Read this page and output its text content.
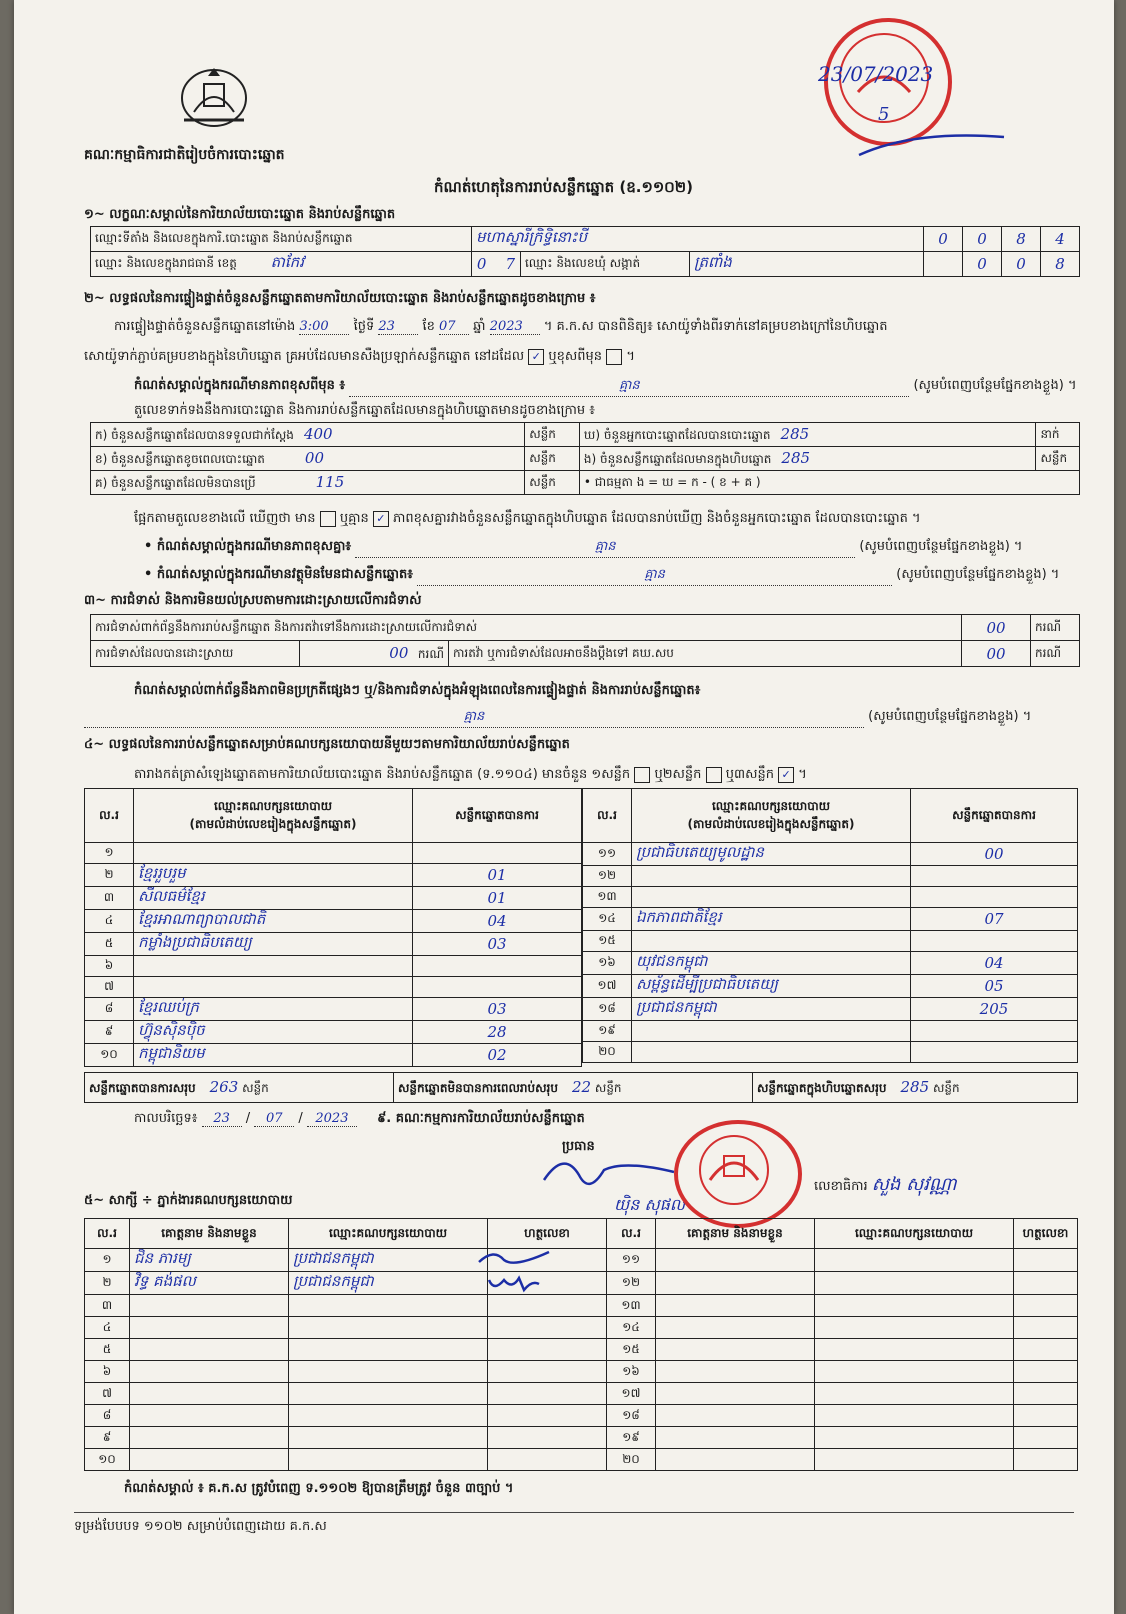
គណៈកម្មាធិការជាតិរៀបចំការបោះឆ្នោត
កំណត់ហេតុនៃការរាប់សន្លឹកឆ្នោត (ឧ.១១០២)
23/07/2023
5
១~ លក្ខណៈសម្គាល់នៃការិយាល័យបោះឆ្នោត និងរាប់សន្លឹកឆ្នោត
ឈ្មោះទីតាំង និងលេខក្នុងការិ.បោះឆ្នោត និងរាប់សន្លឹកឆ្នោត	មហាស្នារីក្រិទ្ធិនោះបី			0	0	8	4
ឈ្មោះ និងលេខក្នុងរាជធានី ខេត្ត តាកែវ	0 7	ឈ្មោះ និងលេខឃុំ សង្កាត់	ត្រពាំង		0	0	8
២~ លទ្ធផលនៃការផ្ទៀងផ្ទាត់ចំនួនសន្លឹកឆ្នោតតាមការិយាល័យបោះឆ្នោត និងរាប់សន្លឹកឆ្នោតដូចខាងក្រោម ៖
ការផ្ទៀងផ្ទាត់ចំនួនសន្លឹកឆ្នោតនៅម៉ោង 3:00 ថ្ងៃទី 23 ខែ 07 ឆ្នាំ 2023 ។ គ.ក.ស បានពិនិត្យ៖ សោយ៉ូទាំងពីរទាក់នៅគម្របខាងក្រៅនៃហិបឆ្នោត
សោយ៉ូទាក់ភ្ជាប់គម្របខាងក្នុងនៃហិបឆ្នោត គ្រអប់ដែលមានសឺងប្រឡាក់សន្លឹកឆ្នោត នៅដដែល ✓ ឬខុសពីមុន ។
កំណត់សម្គាល់ក្នុងករណីមានភាពខុសពីមុន ៖	គ្មាន	(សូមបំពេញបន្ថែមផ្នែកខាងខ្លួង) ។
តួលេខទាក់ទងនឹងការបោះឆ្នោត និងការរាប់សន្លឹកឆ្នោតដែលមានក្នុងហិបឆ្នោតមានដូចខាងក្រោម ៖
ក) ចំនួនសន្លឹកឆ្នោតដែលបានទទួលជាក់ស្តែង 400	សន្លឹក	ឃ) ចំនួនអ្នកបោះឆ្នោតដែលបានបោះឆ្នោត 285	នាក់
ខ) ចំនួនសន្លឹកឆ្នោតខូចពេលបោះឆ្នោត 00	សន្លឹក	ង) ចំនួនសន្លឹកឆ្នោតដែលមានក្នុងហិបឆ្នោត 285	សន្លឹក
គ) ចំនួនសន្លឹកឆ្នោតដែលមិនបានប្រើ 115	សន្លឹក	• ជាធម្មតា ង = ឃ = ក - ( ខ + គ )	
ផ្អែកតាមតួលេខខាងលើ ឃើញថា មាន ឬគ្មាន ✓ ភាពខុសគ្នារវាងចំនួនសន្លឹកឆ្នោតក្នុងហិបឆ្នោត ដែលបានរាប់ឃើញ និងចំនួនអ្នកបោះឆ្នោត ដែលបានបោះឆ្នោត ។
• កំណត់សម្គាល់ក្នុងករណីមានភាពខុសគ្នា៖	គ្មាន	(សូមបំពេញបន្ថែមផ្នែកខាងខ្លួង) ។
• កំណត់សម្គាល់ក្នុងករណីមានវត្ថុមិនមែនជាសន្លឹកឆ្នោត៖	គ្មាន	(សូមបំពេញបន្ថែមផ្នែកខាងខ្លួង) ។
៣~ ការជំទាស់ និងការមិនយល់ស្របតាមការដោះស្រាយលើការជំទាស់
ការជំទាស់ពាក់ព័ន្ធនឹងការរាប់សន្លឹកឆ្នោត និងការតវ៉ាទៅនឹងការដោះស្រាយលើការជំទាស់			00	ករណី
ការជំទាស់ដែលបានដោះស្រាយ	00 ករណី	ការតវ៉ា ឬការជំទាស់ដែលអាចនឹងប្ដឹងទៅ គឃ.សប	00	ករណី
កំណត់សម្គាល់ពាក់ព័ន្ធនឹងភាពមិនប្រក្រតីផ្សេងៗ ឬ/និងការជំទាស់ក្នុងអំឡុងពេលនៃការផ្ទៀងផ្ទាត់ និងការរាប់សន្លឹកឆ្នោត៖
គ្មាន	(សូមបំពេញបន្ថែមផ្នែកខាងខ្លួង) ។
៤~ លទ្ធផលនៃការរាប់សន្លឹកឆ្នោតសម្រាប់គណបក្សនយោបាយនីមួយៗតាមការិយាល័យរាប់សន្លឹកឆ្នោត
តារាងកត់ត្រាសំឡេងឆ្នោតតាមការិយាល័យបោះឆ្នោត និងរាប់សន្លឹកឆ្នោត (ទ.១១០៤) មានចំនួន ១សន្លឹក ឬ២សន្លឹក ឬ៣សន្លឹក ✓ ។
ល.រ	ឈ្មោះគណបក្សនយោបាយ
(តាមលំដាប់លេខរៀងក្នុងសន្លឹកឆ្នោត)	សន្លឹកឆ្នោតបានការ
១		
២	ខ្មែររួបរួម	01
៣	សីលធម៌ខ្មែរ	01
៤	ខ្មែរអាណាព្យាបាលជាតិ	04
៥	កម្លាំងប្រជាធិបតេយ្យ	03
៦		
៧		
៨	ខ្មែរឈប់ក្រ	03
៩	ហ៊្វុនស៊ិនប៉ិច	28
១០	កម្ពុជានិយម	02
ល.រ	ឈ្មោះគណបក្សនយោបាយ
(តាមលំដាប់លេខរៀងក្នុងសន្លឹកឆ្នោត)	សន្លឹកឆ្នោតបានការ
១១	ប្រជាធិបតេយ្យមូលដ្ឋាន	00
១២		
១៣		
១៤	ឯកភាពជាតិខ្មែរ	07
១៥		
១៦	យុវជនកម្ពុជា	04
១៧	សម្ព័ន្ធដើម្បីប្រជាធិបតេយ្យ	05
១៨	ប្រជាជនកម្ពុជា	205
១៩		
២០		
សន្លឹកឆ្នោតបានការសរុប 263 សន្លឹក	សន្លឹកឆ្នោតមិនបានការពេលរាប់សរុប 22 សន្លឹក	សន្លឹកឆ្នោតក្នុងហិបឆ្នោតសរុប 285 សន្លឹក
កាលបរិច្ឆេទ៖ 23 / 07 / 2023 ៩. គណៈកម្មការការិយាល័យរាប់សន្លឹកឆ្នោត
ប្រធាន
យ៉ិន សុផល
លេខាធិការ សួង សុវណ្ណា
៥~ សាក្សី ÷ ភ្នាក់ងារគណបក្សនយោបាយ
ល.រ	គោត្តនាម និងនាមខ្លួន	ឈ្មោះគណបក្សនយោបាយ	ហត្ថលេខា	ល.រ	គោត្តនាម និងនាមខ្លួន	ឈ្មោះគណបក្សនយោបាយ	ហត្ថលេខា
១	ជិន ភារម្យ	ប្រជាជនកម្ពុជា		១១			
២	វិទ្ធ គង់ផល	ប្រជាជនកម្ពុជា		១២			
៣				១៣			
៤				១៤			
៥				១៥			
៦				១៦			
៧				១៧			
៨				១៨			
៩				១៩			
១០				២០			
កំណត់សម្គាល់ ៖ គ.ក.ស ត្រូវបំពេញ ទ.១១០២ ឱ្យបានត្រឹមត្រូវ ចំនួន ៣ច្បាប់ ។
ទម្រង់បែបបទ ១១០២ សម្រាប់បំពេញដោយ គ.ក.ស
